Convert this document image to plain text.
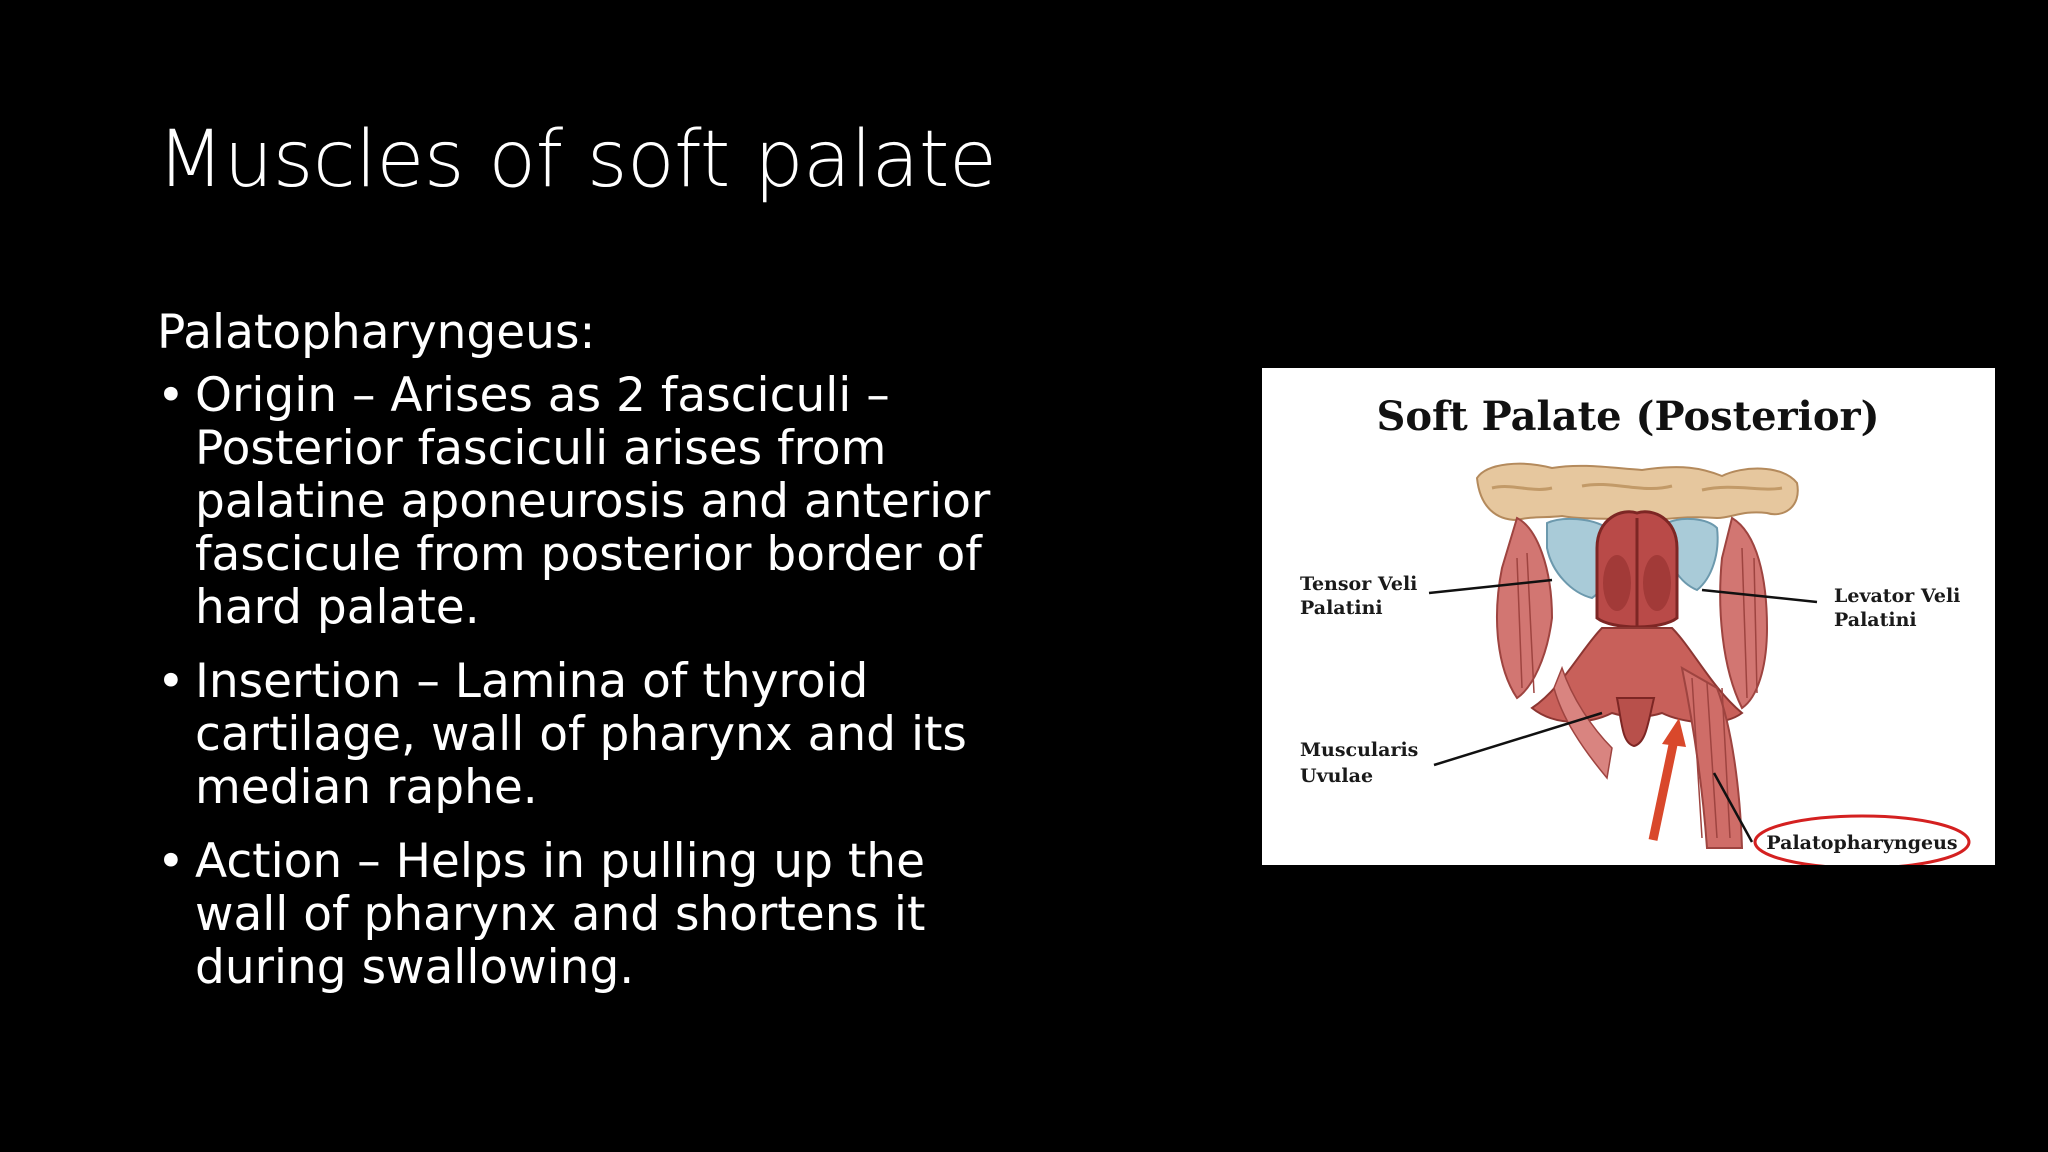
Muscles of soft palate
Palatopharyngeus:
• Origin – Arises as 2 fasciculi – Posterior fasciculi arises from palatine aponeurosis and anterior fascicule from posterior border of hard palate.
• Insertion – Lamina of thyroid cartilage, wall of pharynx and its median raphe.
• Action – Helps in pulling up the wall of pharynx and shortens it during swallowing.
Soft Palate (Posterior)
Tensor Veli
Palatini
Levator Veli
Palatini
Muscularis
Uvulae
Palatopharyngeus
